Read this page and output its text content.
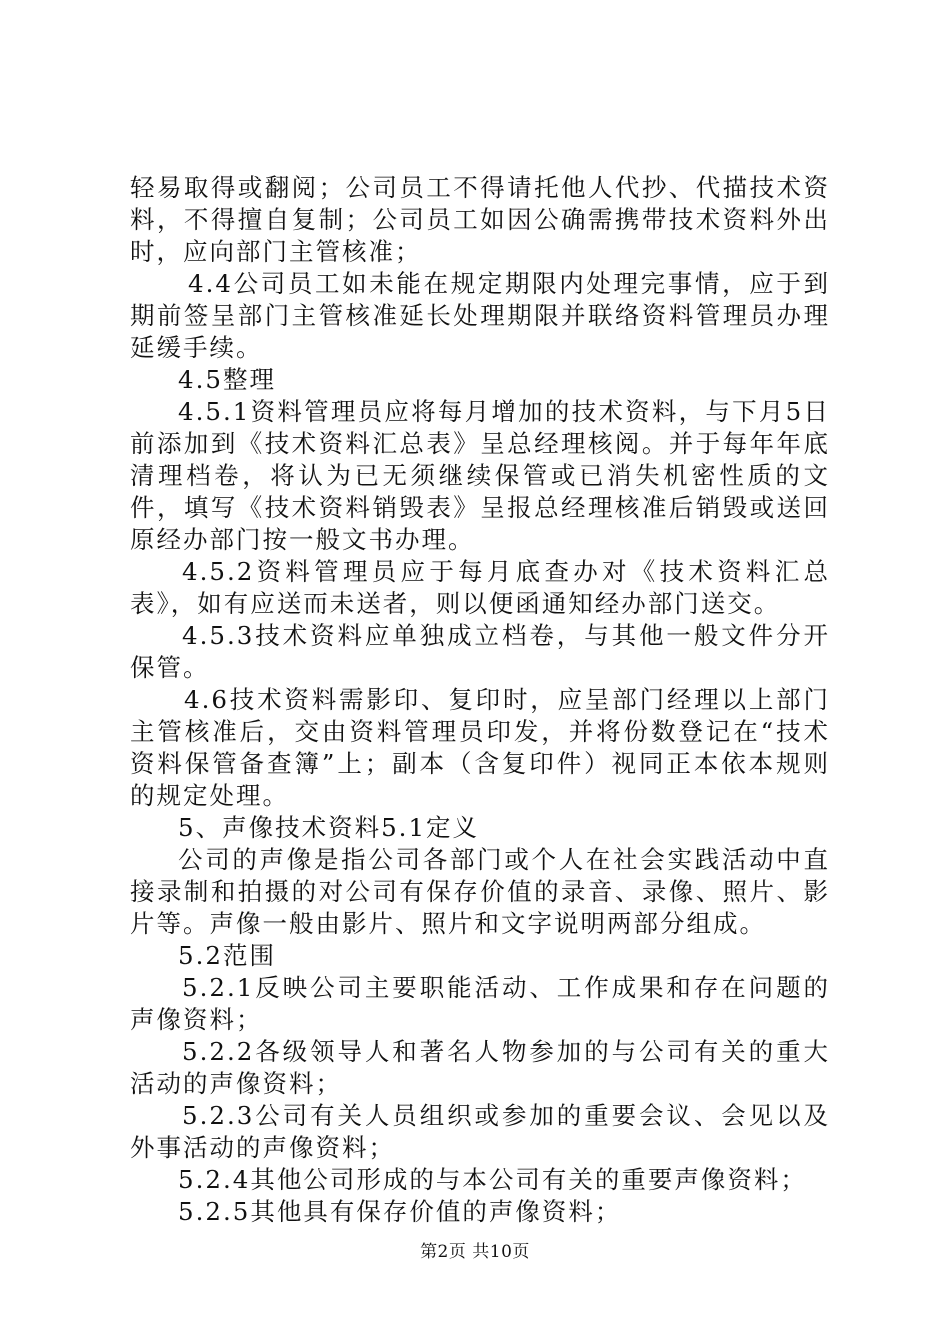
轻易取得或翻阅；公司员工不得请托他人代抄、代描技术资料，不得擅自复制；公司员工如因公确需携带技术资料外出时，应向部门主管核准；

4.4公司员工如未能在规定期限内处理完事情，应于到期前签呈部门主管核准延长处理期限并联络资料管理员办理延缓手续。

4.5整理

4.5.1资料管理员应将每月增加的技术资料，与下月5日前添加到《技术资料汇总表》呈总经理核阅。并于每年年底清理档卷，将认为已无须继续保管或已消失机密性质的文件，填写《技术资料销毁表》呈报总经理核准后销毁或送回原经办部门按一般文书办理。

4.5.2资料管理员应于每月底查办对《技术资料汇总表》，如有应送而未送者，则以便函通知经办部门送交。

4.5.3技术资料应单独成立档卷，与其他一般文件分开保管。

4.6技术资料需影印、复印时，应呈部门经理以上部门主管核准后，交由资料管理员印发，并将份数登记在“技术资料保管备查簿”上；副本（含复印件）视同正本依本规则的规定处理。

5、声像技术资料5.1定义

公司的声像是指公司各部门或个人在社会实践活动中直接录制和拍摄的对公司有保存价值的录音、录像、照片、影片等。声像一般由影片、照片和文字说明两部分组成。

5.2范围

5.2.1反映公司主要职能活动、工作成果和存在问题的声像资料；

5.2.2各级领导人和著名人物参加的与公司有关的重大活动的声像资料；

5.2.3公司有关人员组织或参加的重要会议、会见以及外事活动的声像资料；

5.2.4其他公司形成的与本公司有关的重要声像资料；

5.2.5其他具有保存价值的声像资料；

第2页 共10页
